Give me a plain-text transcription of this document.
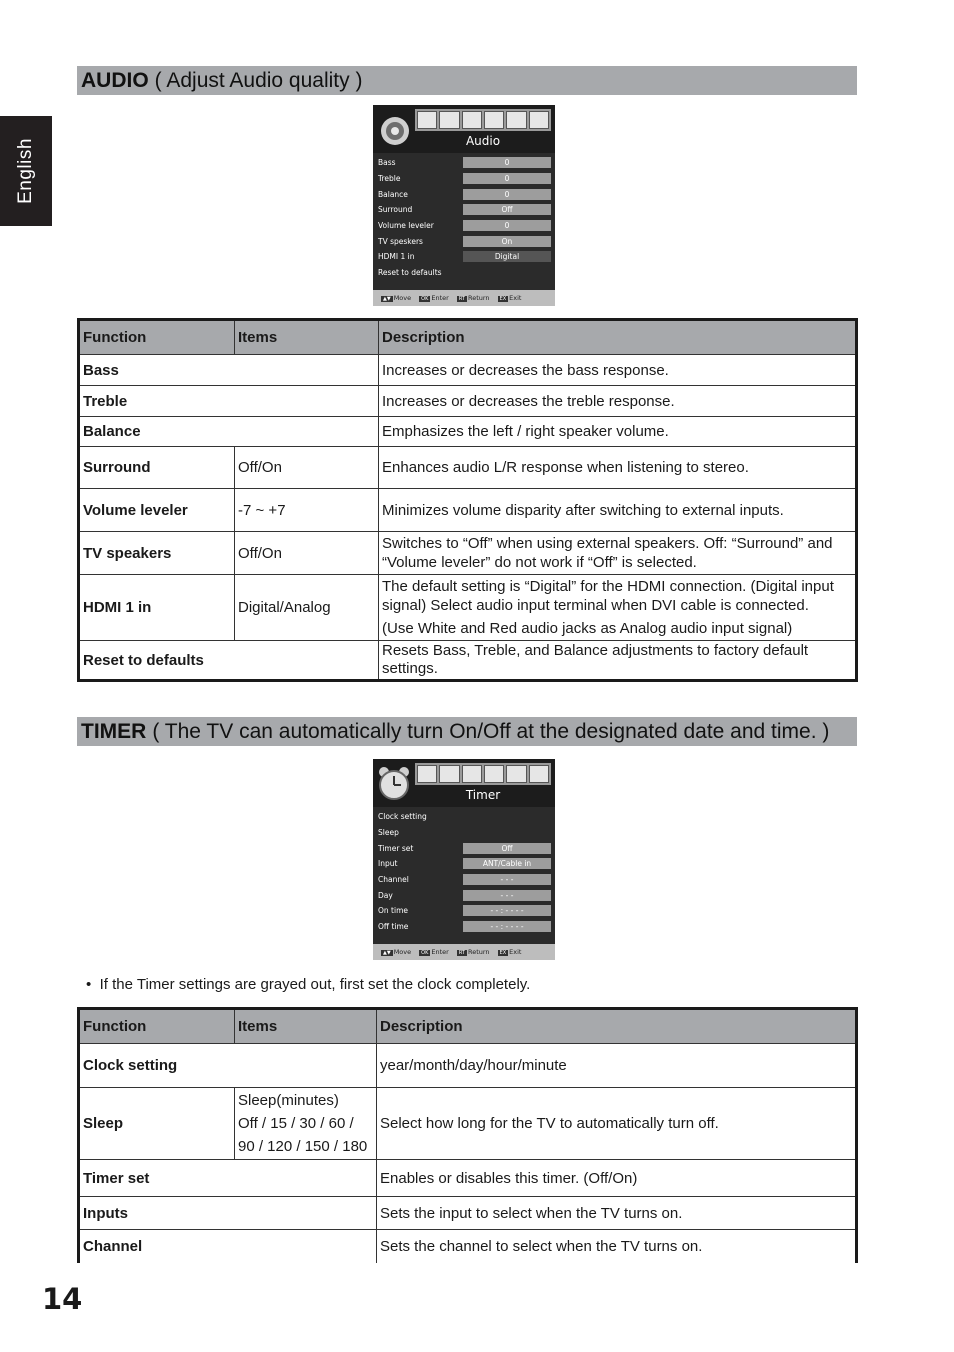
English
AUDIO ( Adjust Audio quality )
Audio
Bass	0
Treble	0
Balance	0
Surround	Off
Volume leveler	0
TV speskers	On
HDMI 1 in	Digital
Reset to defaults
▲▼ Move	OK Enter	RT Return	EX Exit
Function	Items	Description
Bass		Increases or decreases the bass response.
Treble		Increases or decreases the treble response.
Balance		Emphasizes the left / right speaker volume.
Surround	Off/On	Enhances audio L/R response when listening to stereo.
Volume leveler	-7 ~ +7	Minimizes volume disparity after switching to external inputs.
TV speakers	Off/On	Switches to “Off” when using external speakers. Off: “Surround” and “Volume leveler” do not work if “Off” is selected.
HDMI 1 in	Digital/Analog	The default setting is “Digital” for the HDMI connection. (Digital input signal) Select audio input terminal when DVI cable is connected.
(Use White and Red audio jacks as Analog audio input signal)

Reset to defaults		Resets Bass, Treble, and Balance adjustments to factory default settings.
TIMER ( The TV can automatically turn On/Off at the designated date and time. )
Timer
Clock setting
Sleep
Timer set	Off
Input	ANT/Cable in
Channel	- - -
Day	- - -
On time	- - : - - - -
Off time	- - : - - - -
▲▼ Move	OK Enter	RT Return	EX Exit
•  If the Timer settings are grayed out, first set the clock completely.
Function	Items	Description
Clock setting		year/month/day/hour/minute
Sleep	Sleep(minutes)
Off / 15 / 30 / 60 /
90 / 120 / 150 / 180	Select how long for the TV to automatically turn off.
Timer set		Enables or disables this timer. (Off/On)
Inputs		Sets the input to select when the TV turns on.
Channel		Sets the channel to select when the TV turns on.
14
